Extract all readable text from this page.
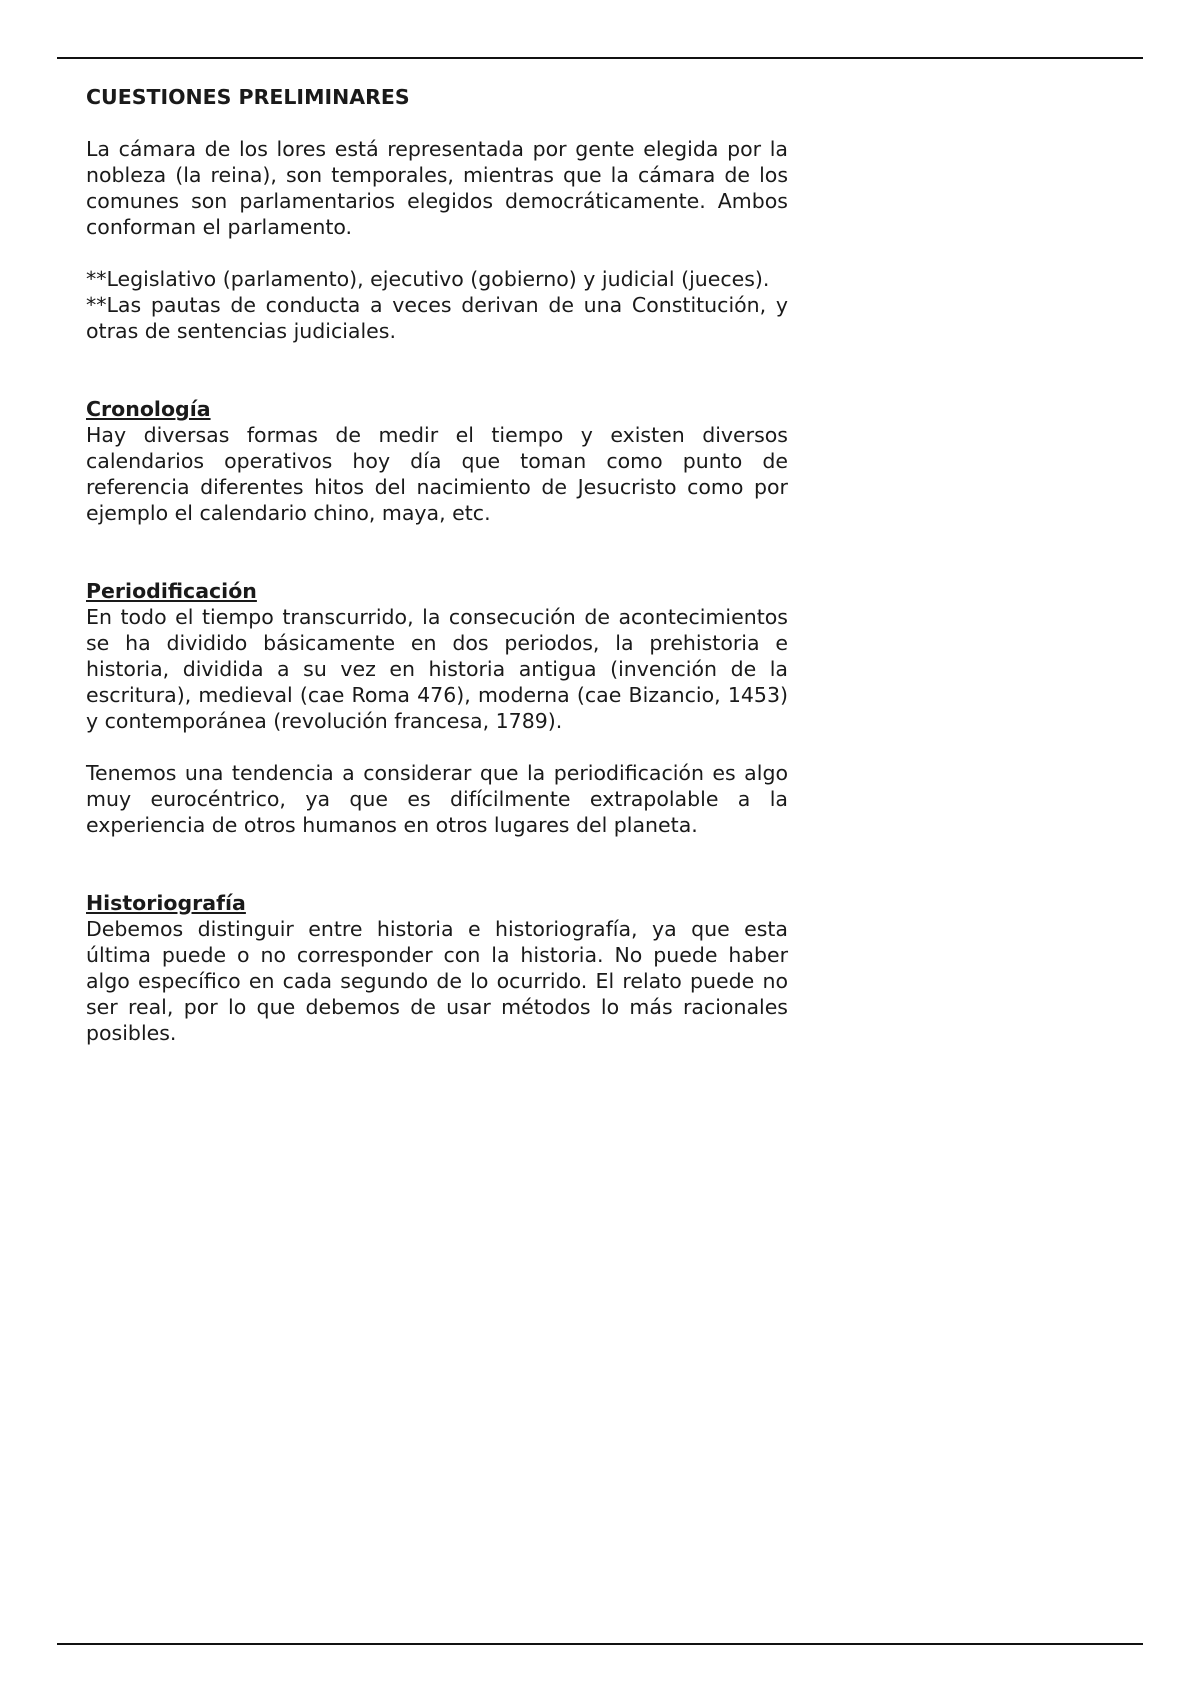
CUESTIONES PRELIMINARES

La cámara de los lores está representada por gente elegida por la nobleza (la reina), son temporales, mientras que la cámara de los comunes son parlamentarios elegidos democráticamente. Ambos conforman el parlamento.

**Legislativo (parlamento), ejecutivo (gobierno) y judicial (jueces).

**Las pautas de conducta a veces derivan de una Constitución, y otras de sentencias judiciales.

Cronología

Hay diversas formas de medir el tiempo y existen diversos calendarios operativos hoy día que toman como punto de referencia diferentes hitos del nacimiento de Jesucristo como por ejemplo el calendario chino, maya, etc.

Periodificación

En todo el tiempo transcurrido, la consecución de acontecimientos se ha dividido básicamente en dos periodos, la prehistoria e historia, dividida a su vez en historia antigua (invención de la escritura), medieval (cae Roma 476), moderna (cae Bizancio, 1453) y contemporánea (revolución francesa, 1789).

Tenemos una tendencia a considerar que la periodificación es algo muy eurocéntrico, ya que es difícilmente extrapolable a la experiencia de otros humanos en otros lugares del planeta.

Historiografía

Debemos distinguir entre historia e historiografía, ya que esta última puede o no corresponder con la historia. No puede haber algo específico en cada segundo de lo ocurrido. El relato puede no ser real, por lo que debemos de usar métodos lo más racionales posibles.
